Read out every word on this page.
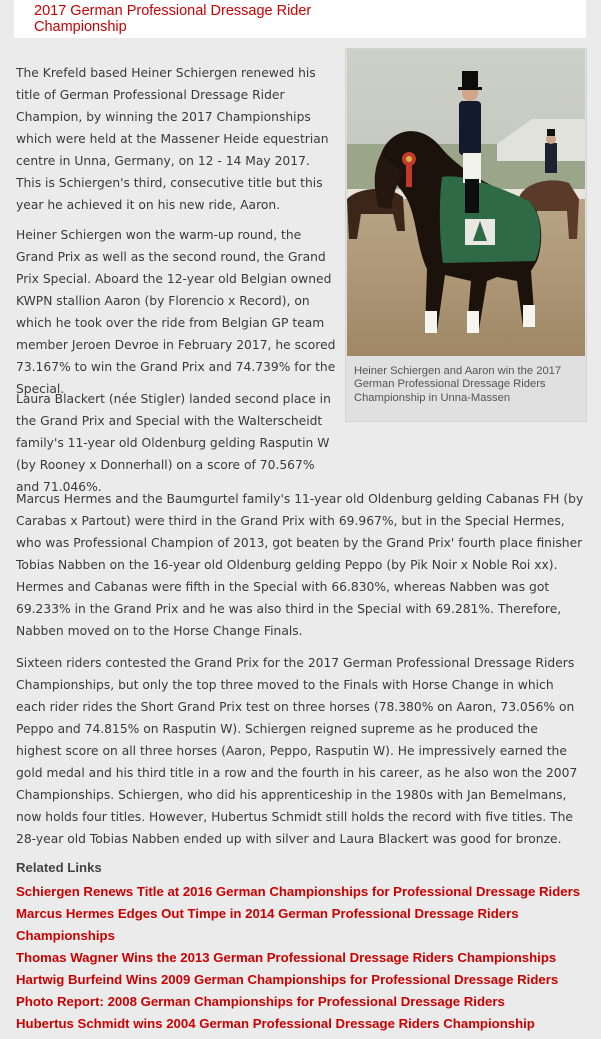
2017 German Professional Dressage Rider Championship
Heiner Schiergen and Aaron win the 2017 German Professional Dressage Riders Championship in Unna-Massen

The Krefeld based Heiner Schiergen renewed his title of German Professional Dressage Rider Champion, by winning the 2017 Championships which were held at the Massener Heide equestrian centre in Unna, Germany, on 12 - 14 May 2017. This is Schiergen's third, consecutive title but this year he achieved it on his new ride, Aaron.

Heiner Schiergen won the warm-up round, the Grand Prix as well as the second round, the Grand Prix Special. Aboard the 12-year old Belgian owned KWPN stallion Aaron (by Florencio x Record), on which he took over the ride from Belgian GP team member Jeroen Devroe in February 2017, he scored 73.167% to win the Grand Prix and 74.739% for the Special.

Laura Blackert (née Stigler) landed second place in the Grand Prix and Special with the Walterscheidt family's 11-year old Oldenburg gelding Rasputin W (by Rooney x Donnerhall) on a score of 70.567% and 71.046%.

Marcus Hermes and the Baumgurtel family's 11-year old Oldenburg gelding Cabanas FH (by Carabas x Partout) were third in the Grand Prix with 69.967%, but in the Special Hermes, who was Professional Champion of 2013, got beaten by the Grand Prix' fourth place finisher Tobias Nabben on the 16-year old Oldenburg gelding Peppo (by Pik Noir x Noble Roi xx). Hermes and Cabanas were fifth in the Special with 66.830%, whereas Nabben was got 69.233% in the Grand Prix and he was also third in the Special with 69.281%. Therefore, Nabben moved on to the Horse Change Finals.

Sixteen riders contested the Grand Prix for the 2017 German Professional Dressage Riders Championships, but only the top three moved to the Finals with Horse Change in which each rider rides the Short Grand Prix test on three horses (78.380% on Aaron, 73.056% on Peppo and 74.815% on Rasputin W). Schiergen reigned supreme as he produced the highest score on all three horses (Aaron, Peppo, Rasputin W). He impressively earned the gold medal and his third title in a row and the fourth in his career, as he also won the 2007 Championships. Schiergen, who did his apprenticeship in the 1980s with Jan Bemelmans, now holds four titles. However, Hubertus Schmidt still holds the record with five titles. The 28-year old Tobias Nabben ended up with silver and Laura Blackert was good for bronze.

Related Links
Schiergen Renews Title at 2016 German Championships for Professional Dressage Riders
Marcus Hermes Edges Out Timpe in 2014 German Professional Dressage Riders Championships
Thomas Wagner Wins the 2013 German Professional Dressage Riders Championships
Hartwig Burfeind Wins 2009 German Championships for Professional Dressage Riders
Photo Report: 2008 German Championships for Professional Dressage Riders
Hubertus Schmidt wins 2004 German Professional Dressage Riders Championship
